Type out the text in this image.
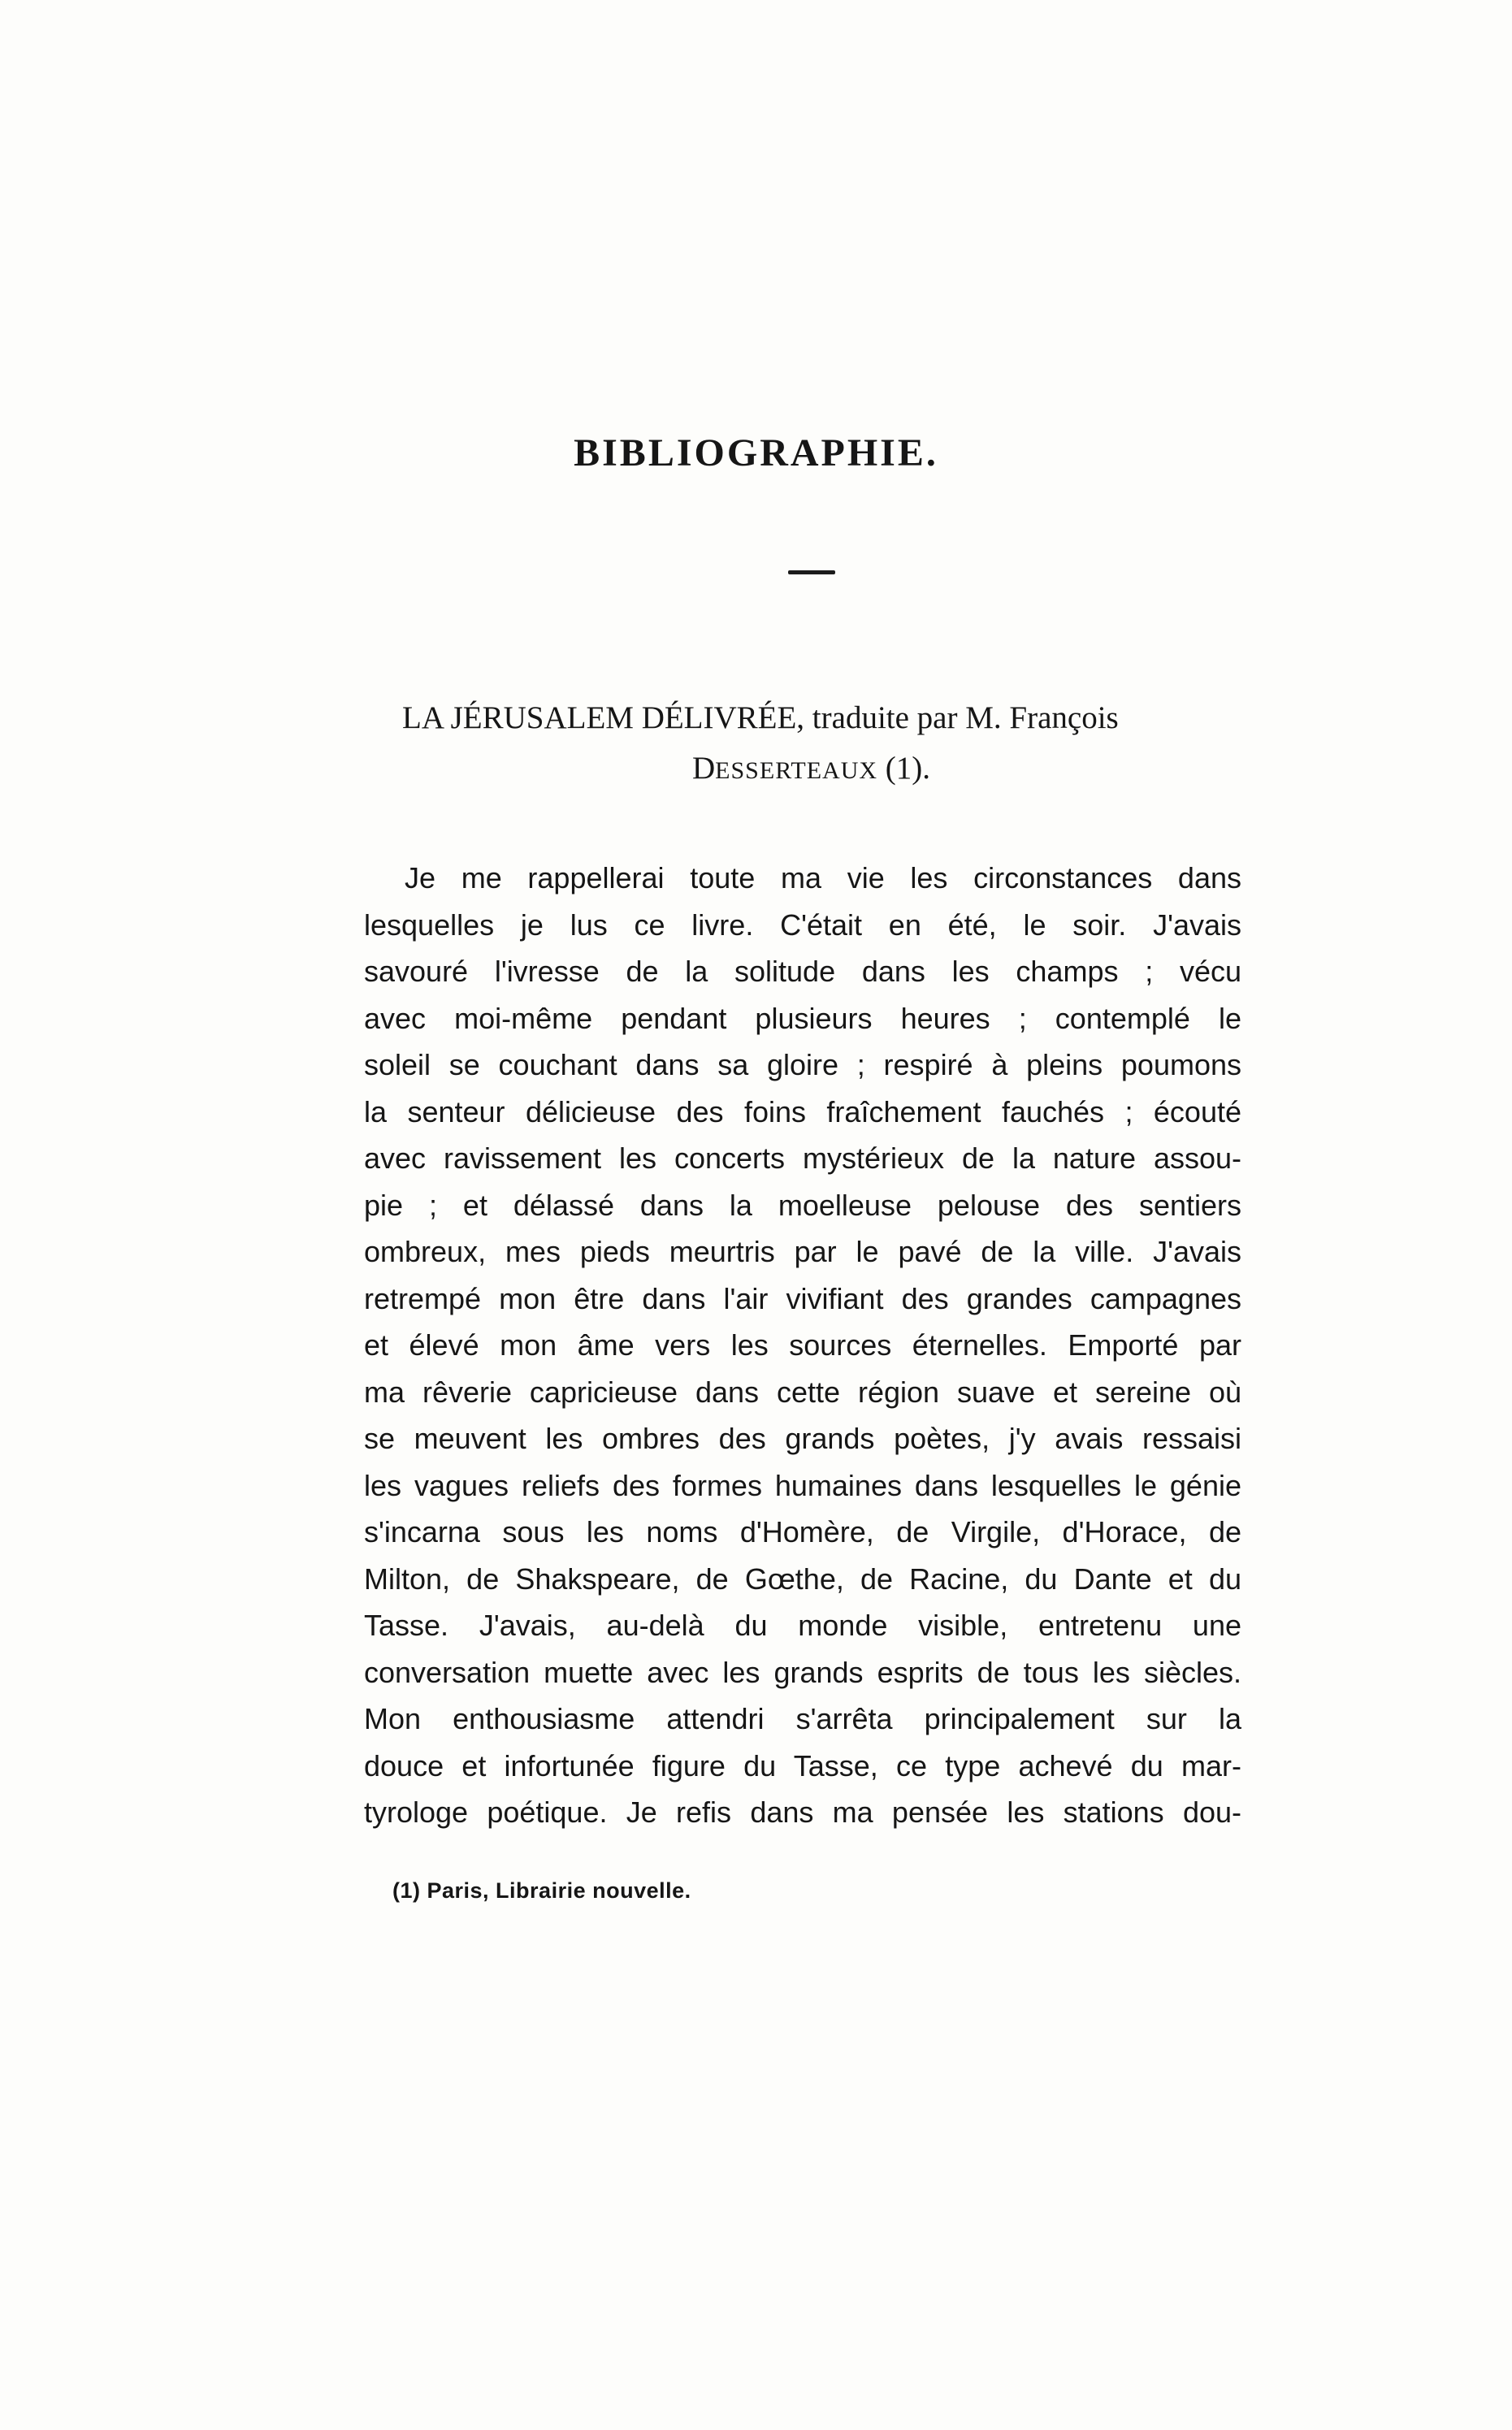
BIBLIOGRAPHIE.
LA JÉRUSALEM DÉLIVRÉE, traduite par M. François
DESSERTEAUX (1).
Je me rappellerai toute ma vie les circonstances dans
lesquelles je lus ce livre. C'était en été, le soir. J'avais
savouré l'ivresse de la solitude dans les champs ; vécu
avec moi-même pendant plusieurs heures ; contemplé le
soleil se couchant dans sa gloire ; respiré à pleins poumons
la senteur délicieuse des foins fraîchement fauchés ; écouté
avec ravissement les concerts mystérieux de la nature assou-
pie ; et délassé dans la moelleuse pelouse des sentiers
ombreux, mes pieds meurtris par le pavé de la ville. J'avais
retrempé mon être dans l'air vivifiant des grandes campagnes
et élevé mon âme vers les sources éternelles. Emporté par
ma rêverie capricieuse dans cette région suave et sereine où
se meuvent les ombres des grands poètes, j'y avais ressaisi
les vagues reliefs des formes humaines dans lesquelles le génie
s'incarna sous les noms d'Homère, de Virgile, d'Horace, de
Milton, de Shakspeare, de Gœthe, de Racine, du Dante et du
Tasse. J'avais, au-delà du monde visible, entretenu une
conversation muette avec les grands esprits de tous les siècles.
Mon enthousiasme attendri s'arrêta principalement sur la
douce et infortunée figure du Tasse, ce type achevé du mar-
tyrologe poétique. Je refis dans ma pensée les stations dou-
(1) Paris, Librairie nouvelle.
